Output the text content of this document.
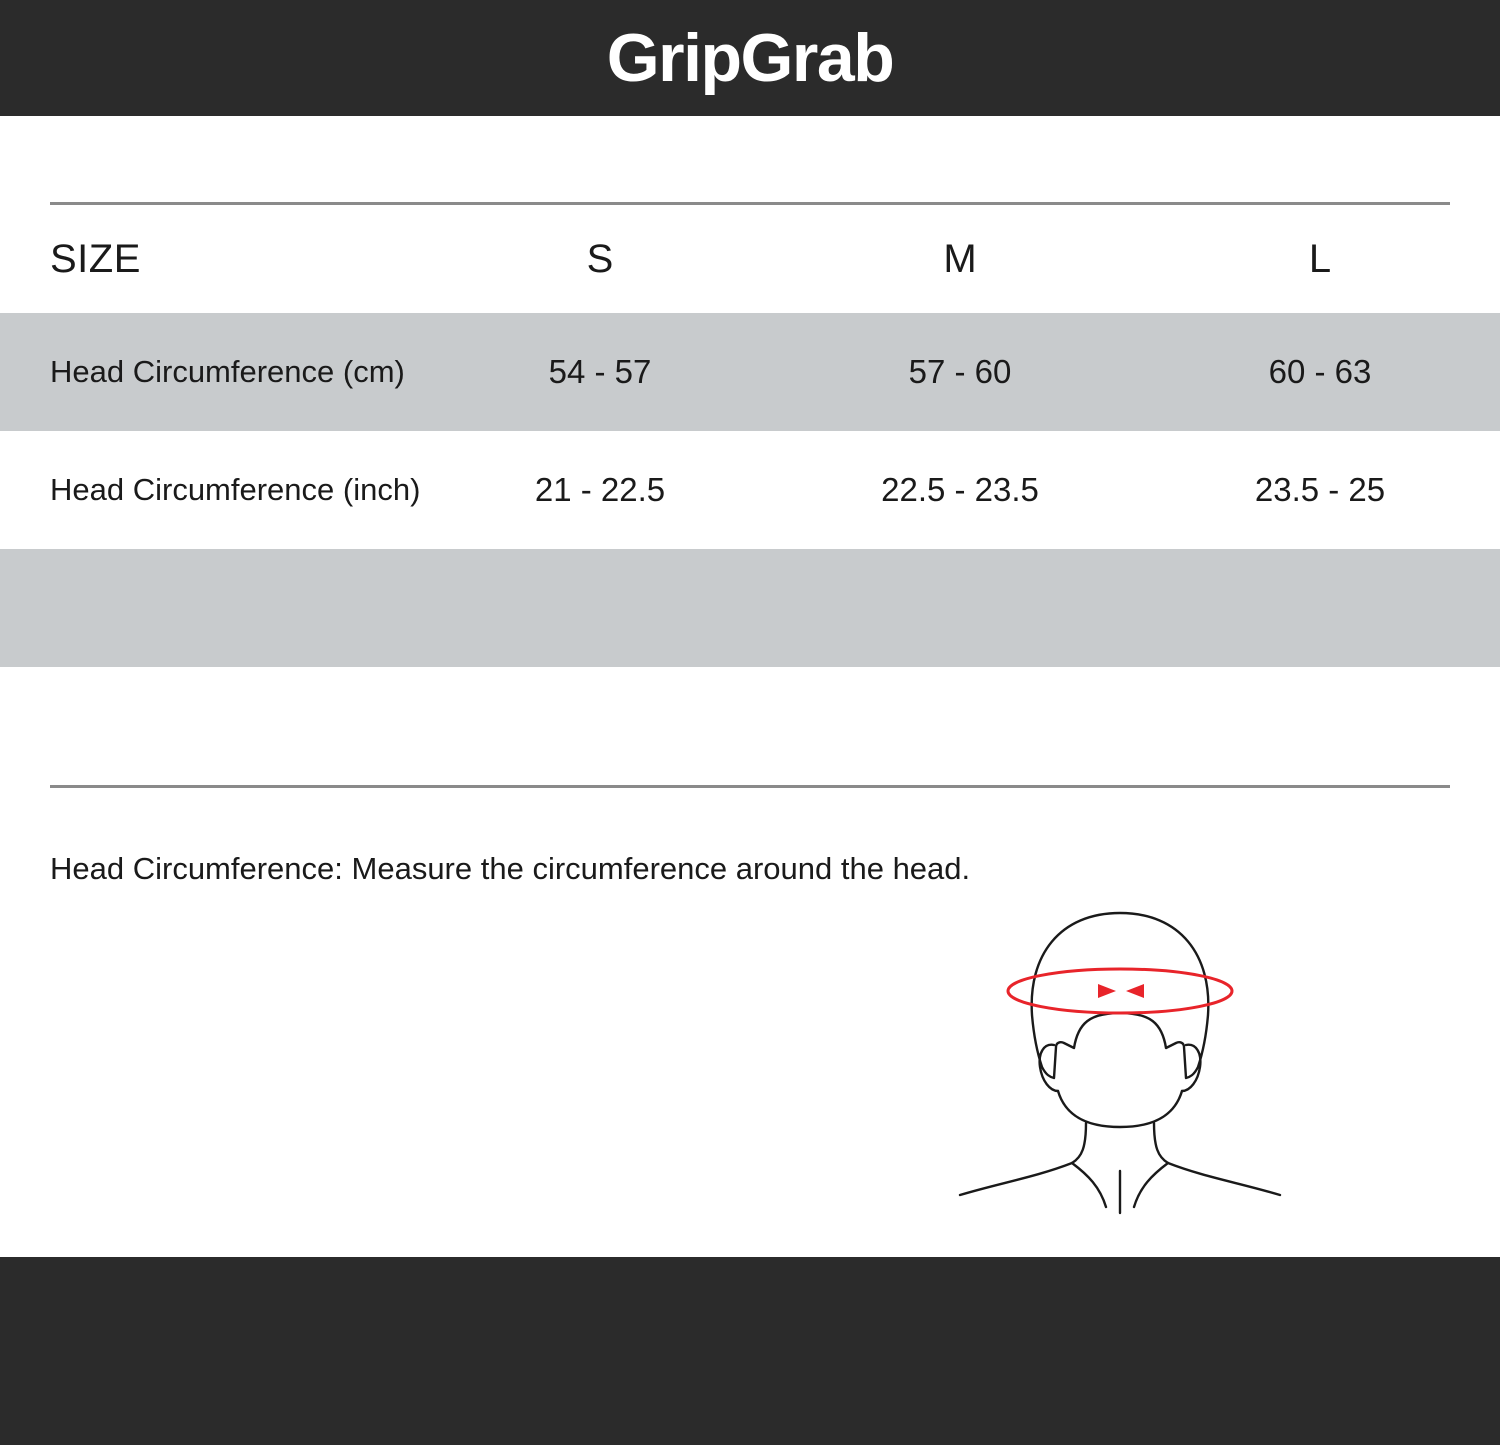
GripGrab
SIZE	S	M	L
Head Circumference (cm)	54 - 57	57 - 60	60 - 63
Head Circumference (inch)	21 - 22.5	22.5 - 23.5	23.5 - 25

Head Circumference: Measure the circumference around the head.
